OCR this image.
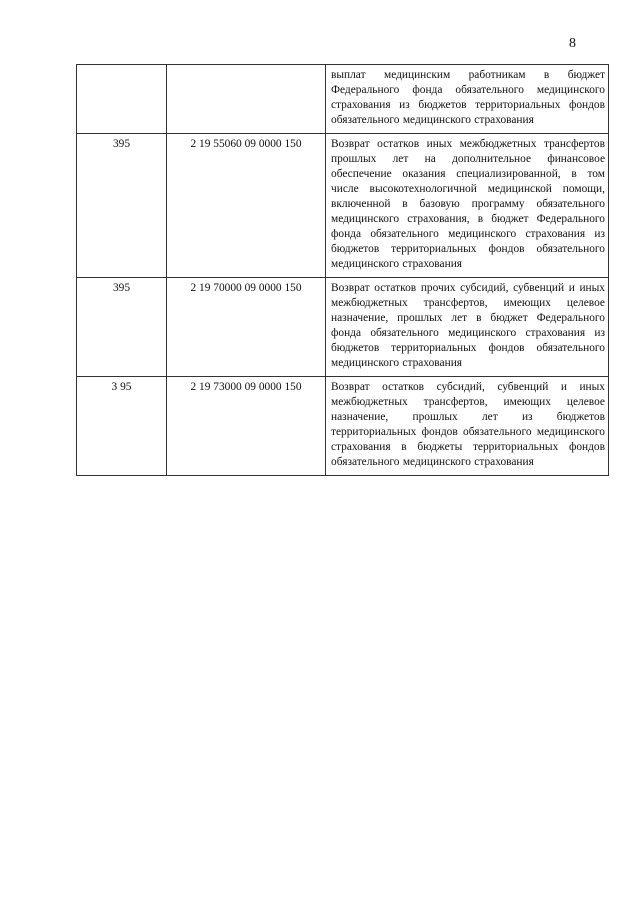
8

		выплат медицинским работникам в бюджет Федерального фонда обязательного медицинского страхования из бюджетов территориальных фондов обязательного медицинского страхования

395	2 19 55060 09 0000 150	Возврат остатков иных межбюджетных трансфертов прошлых лет на дополнительное финансовое обеспечение оказания специализированной, в том числе высокотехнологичной медицинской помощи, включенной в базовую программу обязательного медицинского страхования, в бюджет Федерального фонда обязательного медицинского страхования из бюджетов территориальных фондов обязательного медицинского страхования

395	2 19 70000 09 0000 150	Возврат остатков прочих субсидий, субвенций и иных межбюджетных трансфертов, имеющих целевое назначение, прошлых лет в бюджет Федерального фонда обязательного медицинского страхования из бюджетов территориальных фондов обязательного медицинского страхования

3 95	2 19 73000 09 0000 150	Возврат остатков субсидий, субвенций и иных межбюджетных трансфертов, имеющих целевое назначение, прошлых лет из бюджетов территориальных фондов обязательного медицинского страхования в бюджеты территориальных фондов обязательного медицинского страхования
